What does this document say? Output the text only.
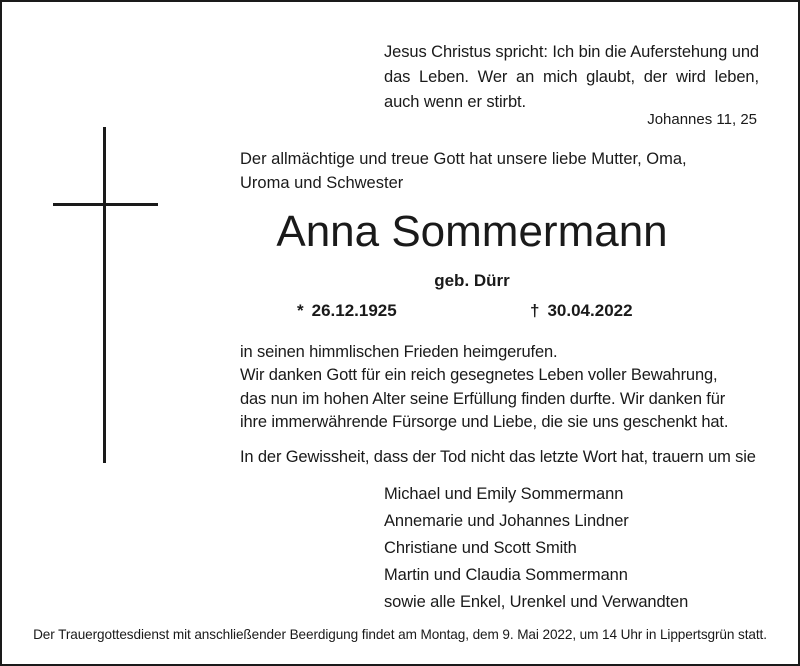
Jesus Christus spricht: Ich bin die Auferstehung und das Leben. Wer an mich glaubt, der wird leben, auch wenn er stirbt.
Johannes 11, 25
Der allmächtige und treue Gott hat unsere liebe Mutter, Oma, Uroma und Schwester
Anna Sommermann
geb. Dürr
* 26.12.1925	† 30.04.2022

in seinen himmlischen Frieden heimgerufen.

Wir danken Gott für ein reich gesegnetes Leben voller Bewahrung, das nun im hohen Alter seine Erfüllung finden durfte. Wir danken für ihre immerwährende Fürsorge und Liebe, die sie uns geschenkt hat.

In der Gewissheit, dass der Tod nicht das letzte Wort hat, trauern um sie
Michael und Emily Sommermann
Annemarie und Johannes Lindner
Christiane und Scott Smith
Martin und Claudia Sommermann
sowie alle Enkel, Urenkel und Verwandten
Der Trauergottesdienst mit anschließender Beerdigung findet am Montag, dem 9. Mai 2022, um 14 Uhr in Lippertsgrün statt.
